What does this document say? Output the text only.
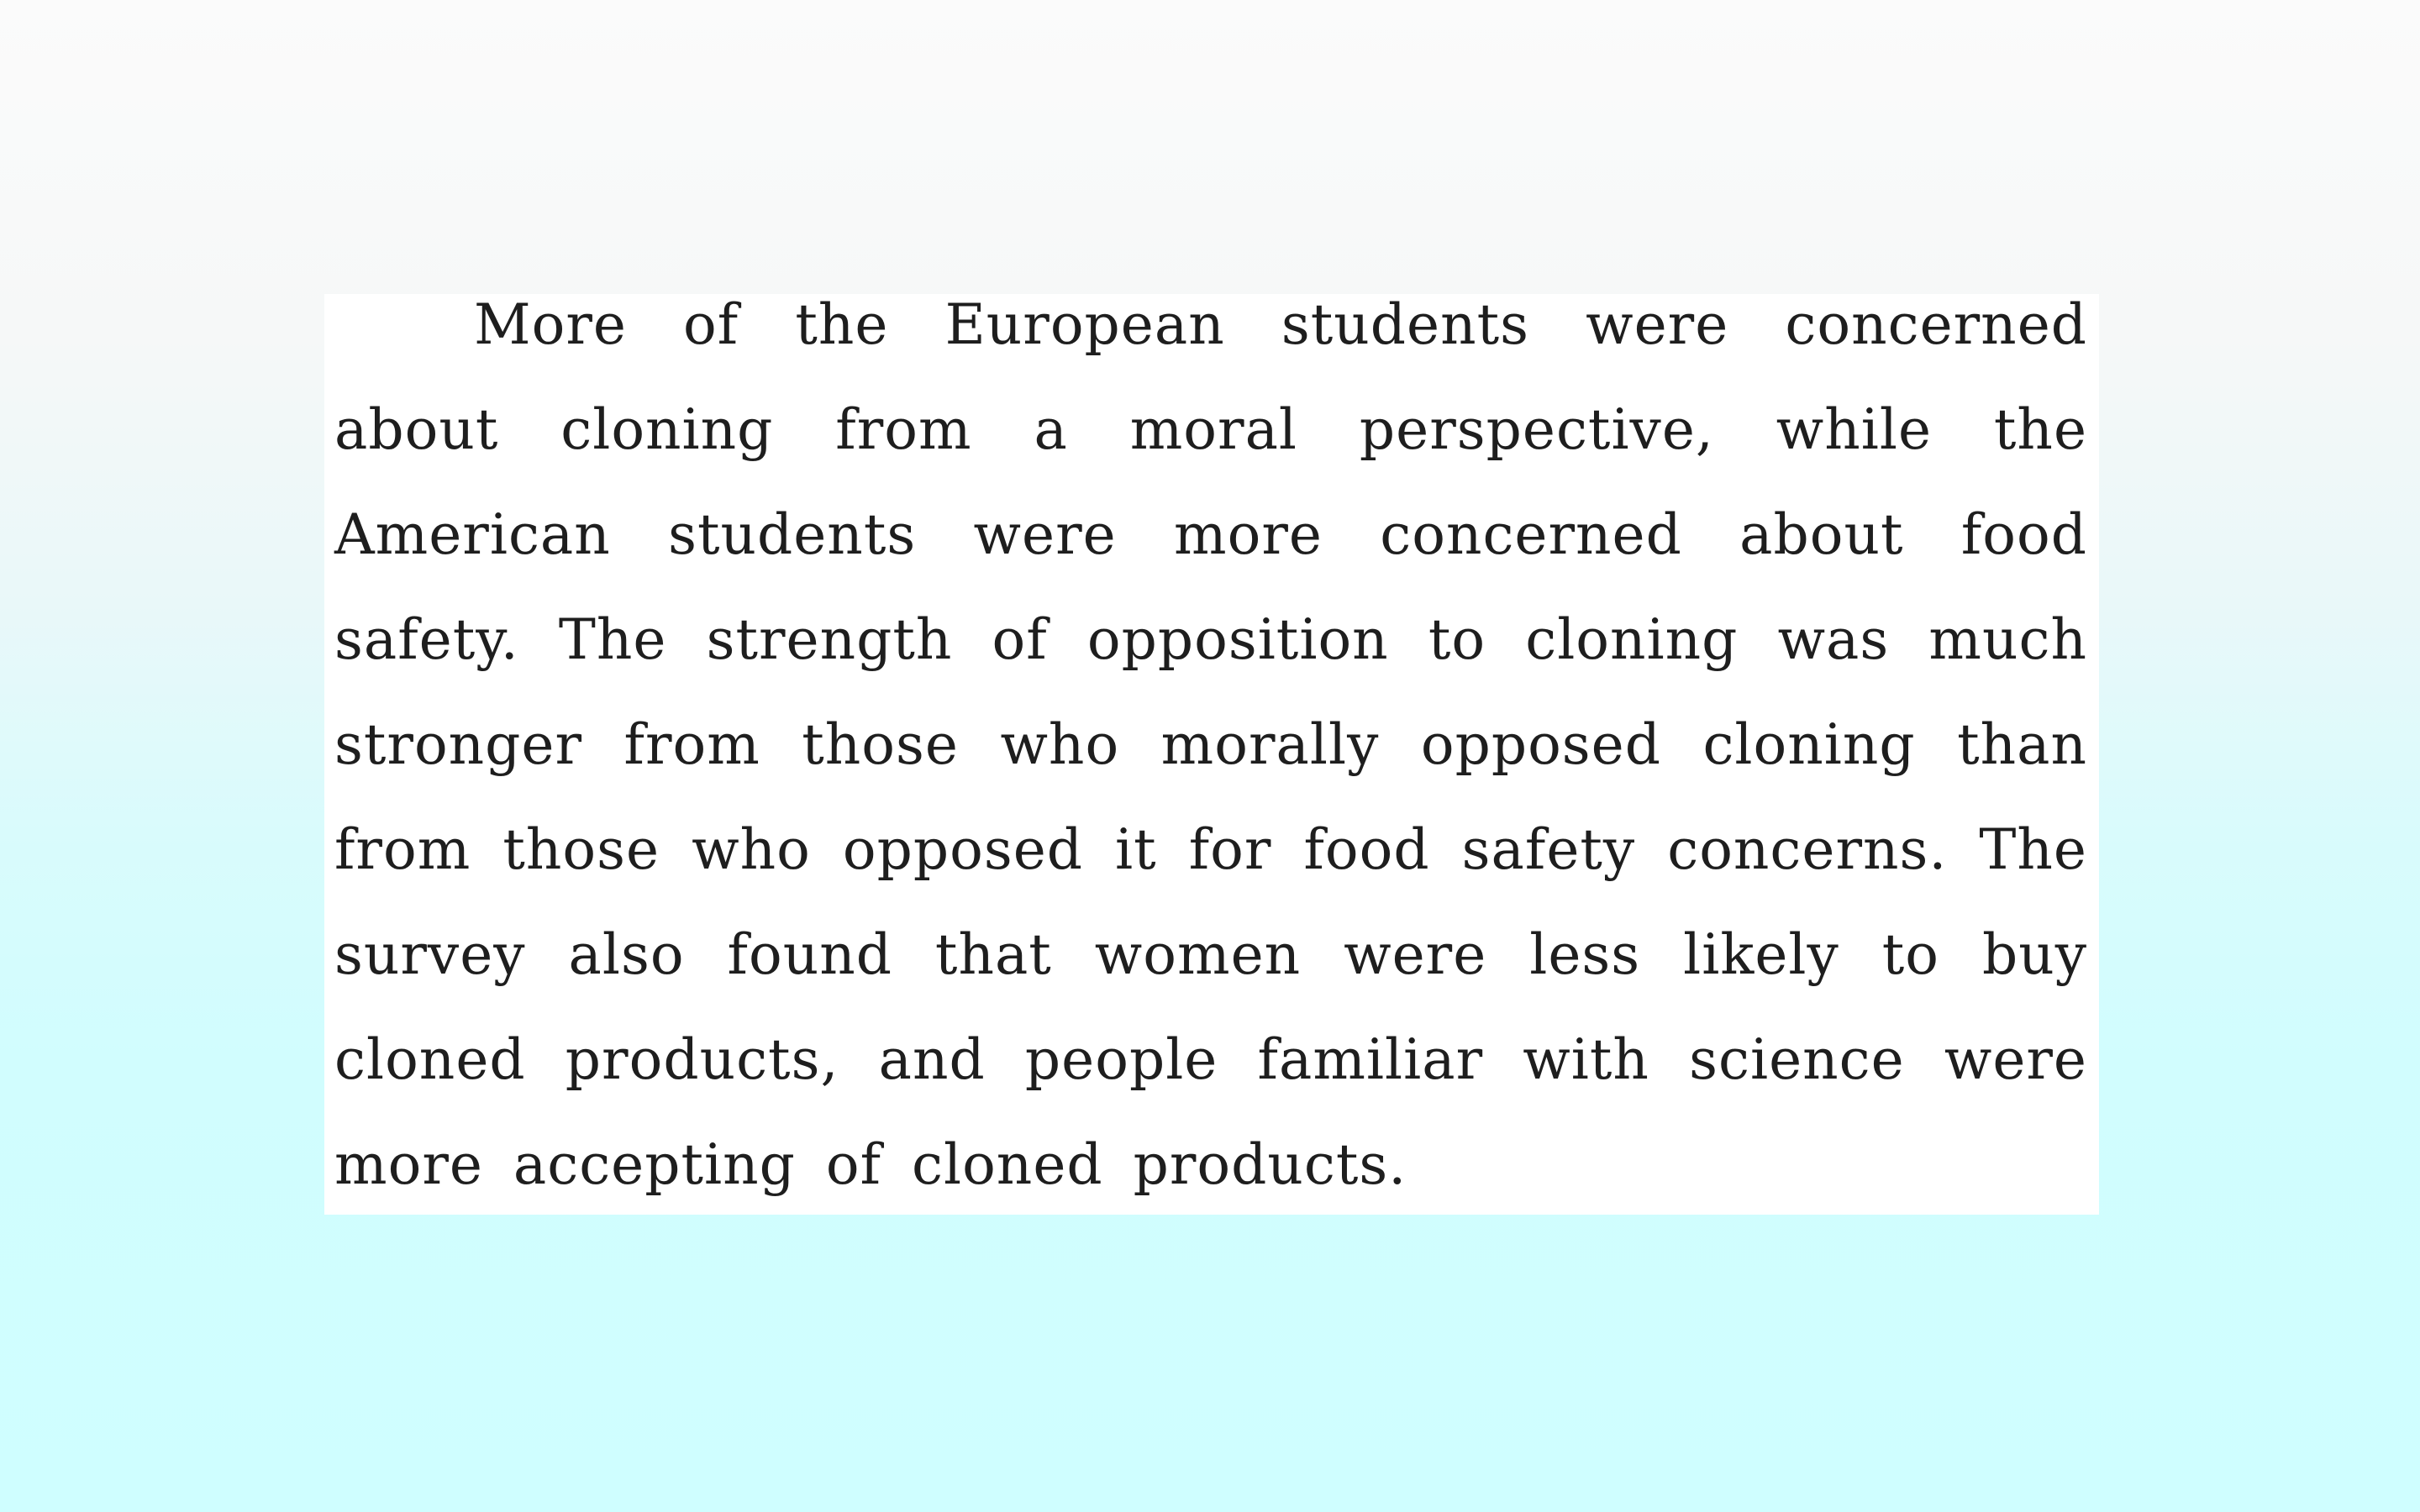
More of the European students were concerned about cloning from a moral perspective, while the American students were more concerned about food safety. The strength of opposition to cloning was much stronger from those who morally opposed cloning than from those who opposed it for food safety concerns. The survey also found that women were less likely to buy cloned products, and people familiar with science were more accepting of cloned products.
